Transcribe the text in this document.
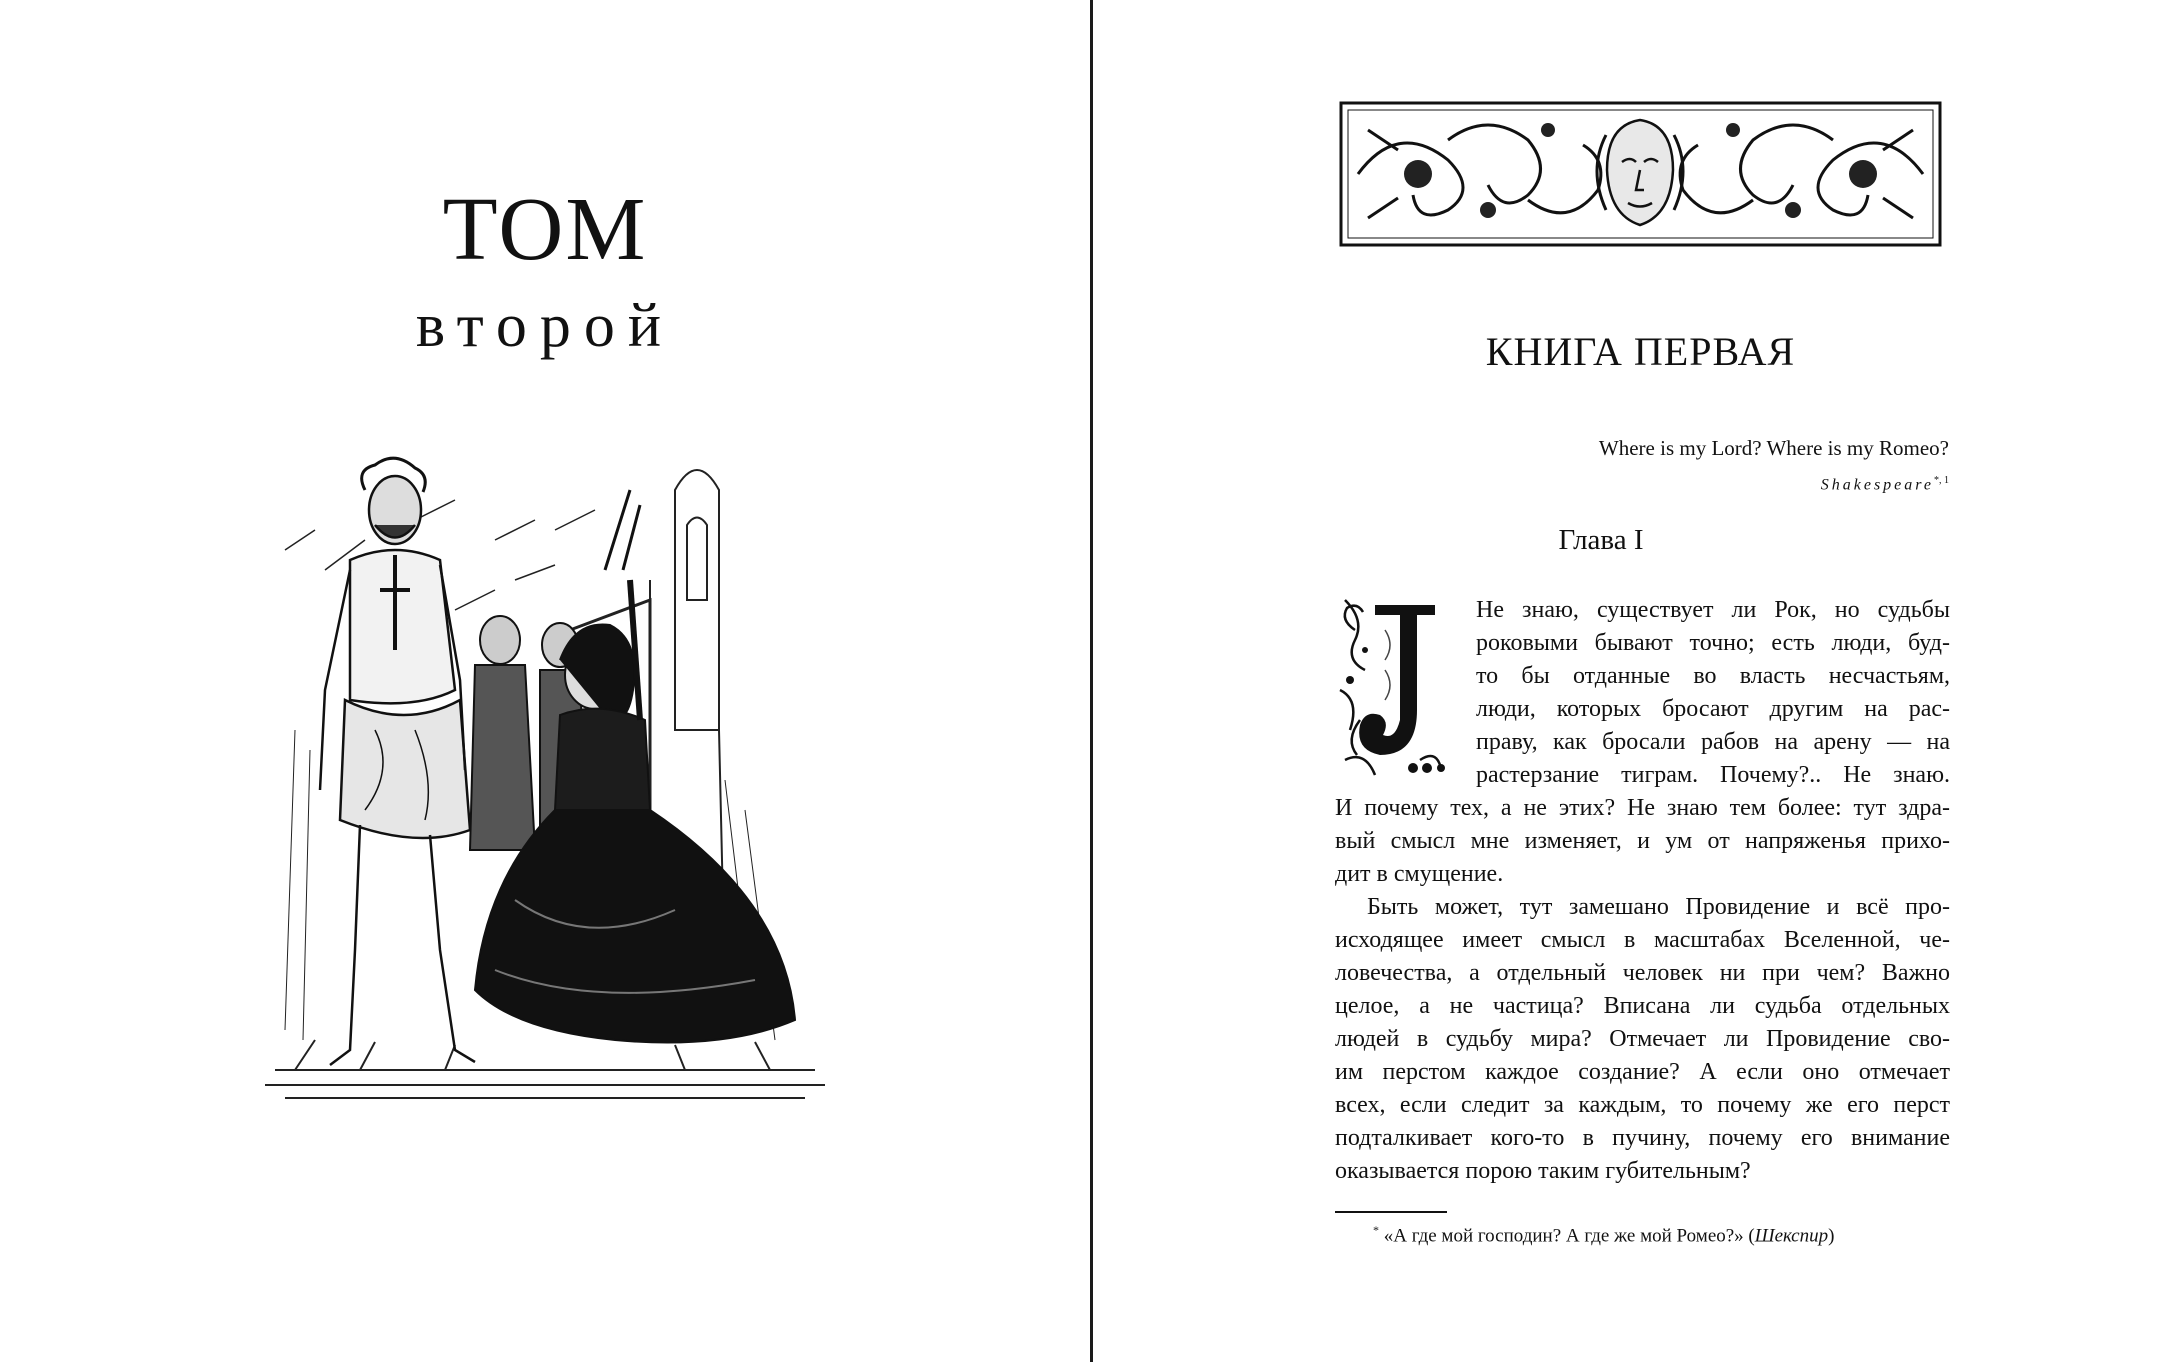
ТОМ
второй	КНИГА ПЕРВАЯ
Where is my Lord? Where is my Romeo?
Shakespeare$^{*, 1}$
Глава I

Не знаю, существует ли Рок, но судьбы
роковыми бывают точно; есть люди, буд-
то бы отданные во власть несчастьям,
люди, которых бросают другим на рас-
праву, как бросали рабов на арену — на
растерзание тиграм. Почему?.. Не знаю.

И почему тех, а не этих? Не знаю тем более: тут здра-
вый смысл мне изменяет, и ум от напряженья прихо-
дит в смущение.

Быть может, тут замешано Провидение и всё про-
исходящее имеет смысл в масштабах Вселенной, че-
ловечества, а отдельный человек ни при чем? Важно
целое, а не частица? Вписана ли судьба отдельных
людей в судьбу мира? Отмечает ли Провидение сво-
им перстом каждое создание? А если оно отмечает
всех, если следит за каждым, то почему же его перст
подталкивает кого-то в пучину, почему его внимание
оказывается порою таким губительным?

* «А где мой господин? А где же мой Ромео?» (Шекспир)
